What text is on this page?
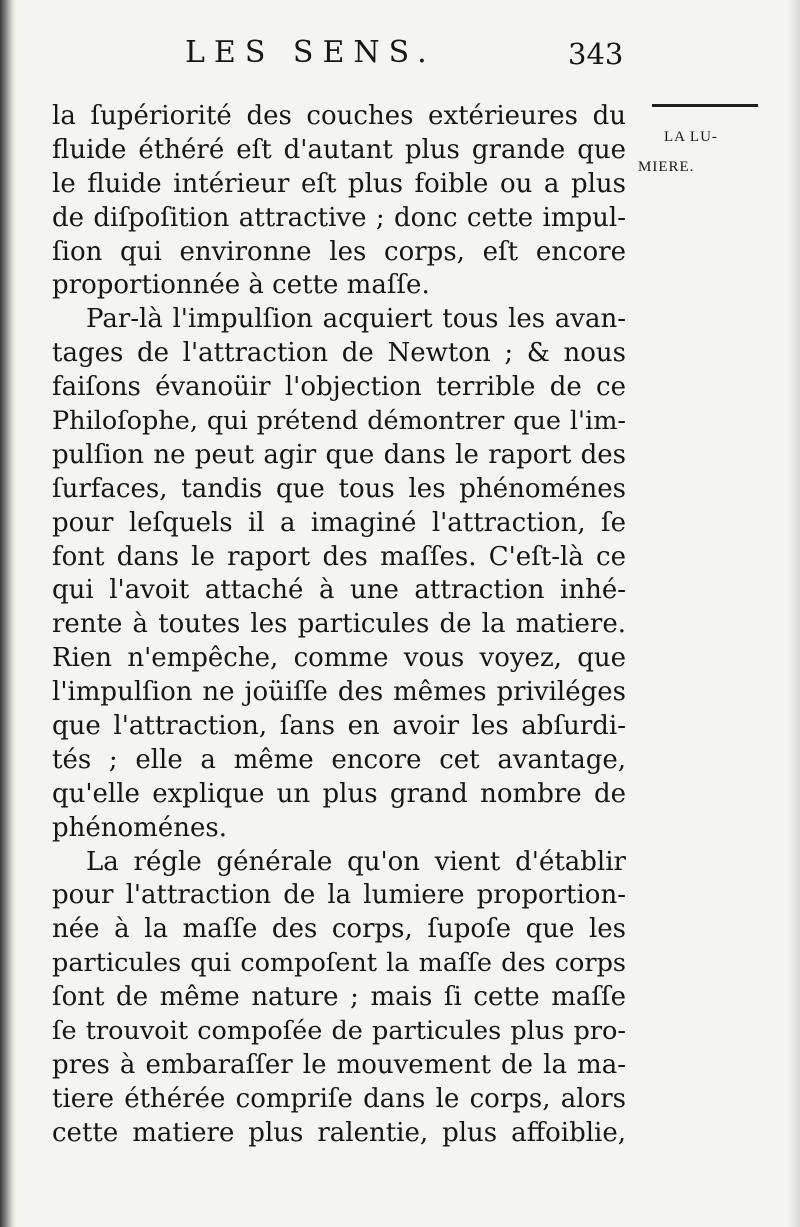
LES SENS.	343
LA LU-
MIERE.
la ſupériorité des couches extérieures du
fluide éthéré eſt d'autant plus grande que
le fluide intérieur eſt plus foible ou a plus
de diſpoſition attractive ; donc cette impul-
ſion qui environne les corps, eſt encore
proportionnée à cette maſſe.
Par-là l'impulſion acquiert tous les avan-
tages de l'attraction de Newton ; & nous
faiſons évanoüir l'objection terrible de ce
Philoſophe, qui prétend démontrer que l'im-
pulſion ne peut agir que dans le raport des
ſurfaces, tandis que tous les phénoménes
pour leſquels il a imaginé l'attraction, ſe
font dans le raport des maſſes. C'eſt-là ce
qui l'avoit attaché à une attraction inhé-
rente à toutes les particules de la matiere.
Rien n'empêche, comme vous voyez, que
l'impulſion ne joüiſſe des mêmes priviléges
que l'attraction, ſans en avoir les abſurdi-
tés ; elle a même encore cet avantage,
qu'elle explique un plus grand nombre de
phénoménes.
La régle générale qu'on vient d'établir
pour l'attraction de la lumiere proportion-
née à la maſſe des corps, ſupoſe que les
particules qui compoſent la maſſe des corps
ſont de même nature ; mais ſi cette maſſe
ſe trouvoit compoſée de particules plus pro-
pres à embaraſſer le mouvement de la ma-
tiere éthérée compriſe dans le corps, alors
cette matiere plus ralentie, plus affoiblie,
